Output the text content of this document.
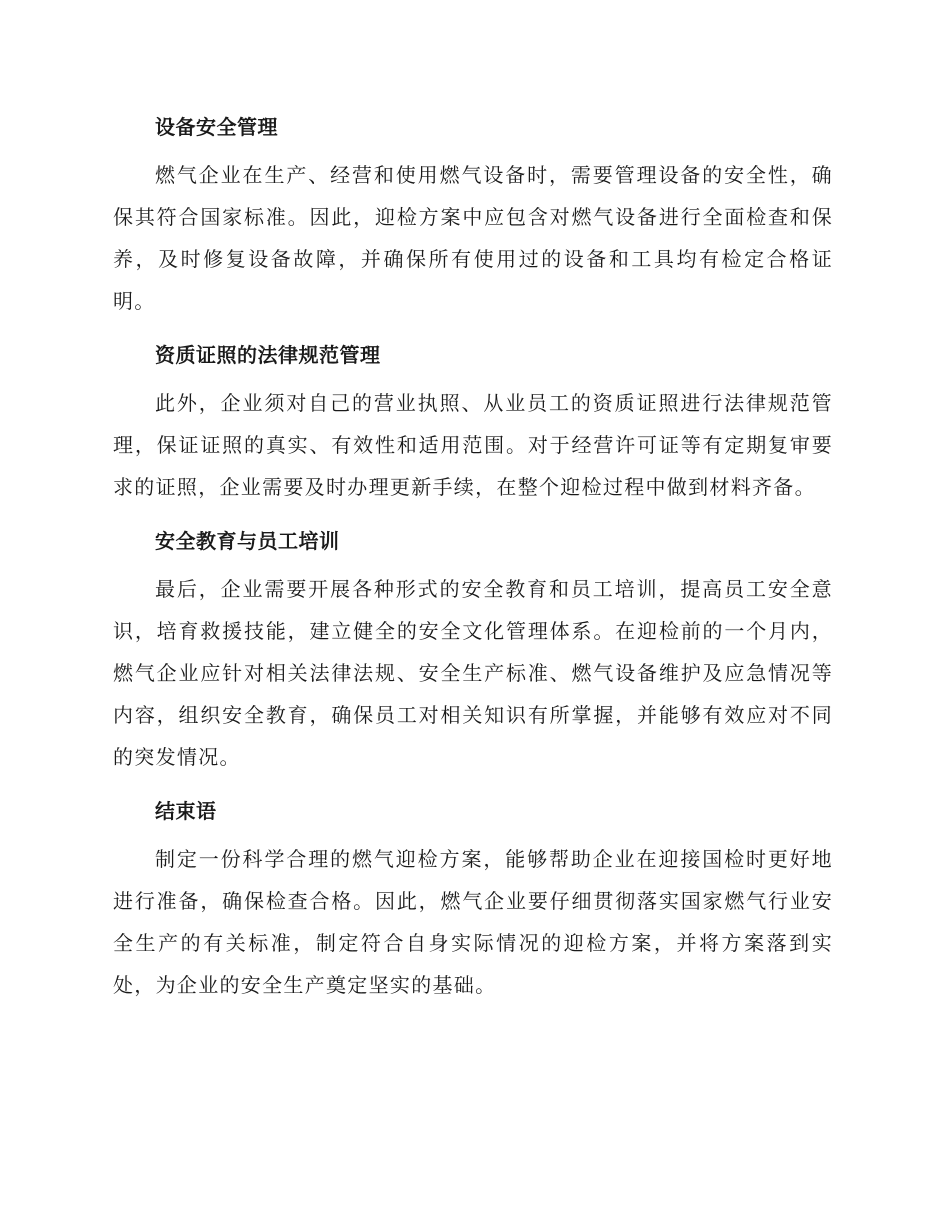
设备安全管理

燃气企业在生产、经营和使用燃气设备时，需要管理设备的安全性，确保其符合国家标准。因此，迎检方案中应包含对燃气设备进行全面检查和保养，及时修复设备故障，并确保所有使用过的设备和工具均有检定合格证明。

资质证照的法律规范管理

此外，企业须对自己的营业执照、从业员工的资质证照进行法律规范管理，保证证照的真实、有效性和适用范围。对于经营许可证等有定期复审要求的证照，企业需要及时办理更新手续，在整个迎检过程中做到材料齐备。

安全教育与员工培训

最后，企业需要开展各种形式的安全教育和员工培训，提高员工安全意识，培育救援技能，建立健全的安全文化管理体系。在迎检前的一个月内，燃气企业应针对相关法律法规、安全生产标准、燃气设备维护及应急情况等内容，组织安全教育，确保员工对相关知识有所掌握，并能够有效应对不同的突发情况。

结束语

制定一份科学合理的燃气迎检方案，能够帮助企业在迎接国检时更好地进行准备，确保检查合格。因此，燃气企业要仔细贯彻落实国家燃气行业安全生产的有关标准，制定符合自身实际情况的迎检方案，并将方案落到实处，为企业的安全生产奠定坚实的基础。
